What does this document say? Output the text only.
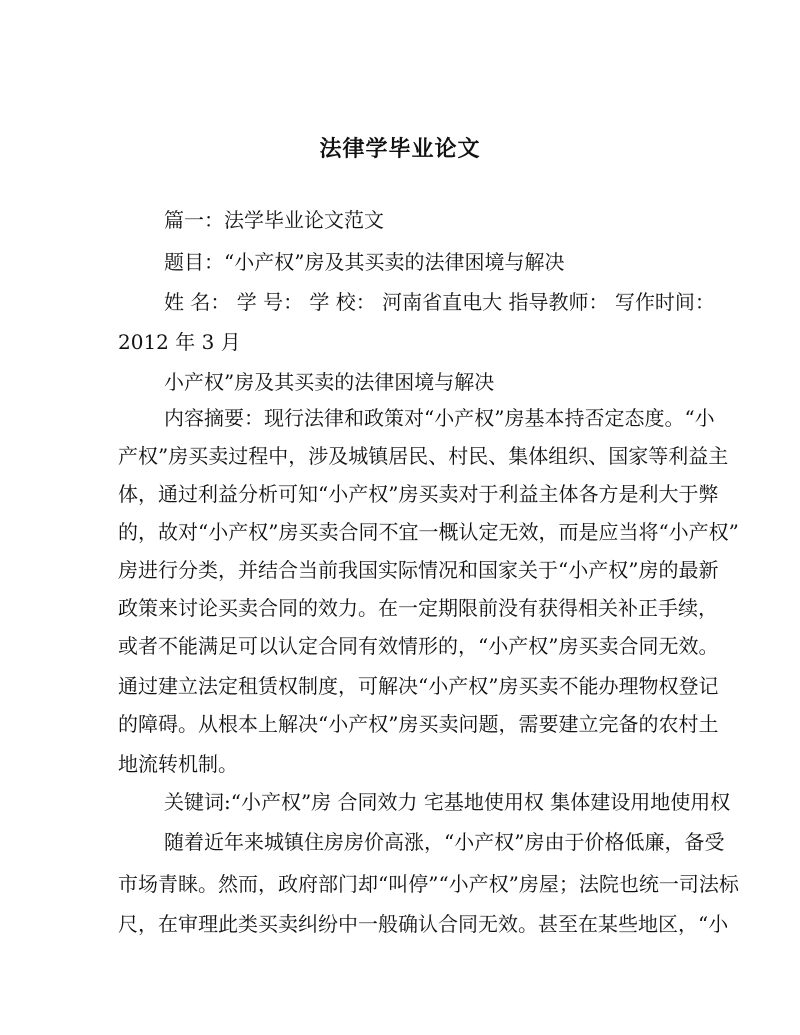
法律学毕业论文
篇一：法学毕业论文范文
题目：“小产权”房及其买卖的法律困境与解决
姓 名： 学 号： 学 校： 河南省直电大 指导教师： 写作时间：
2012 年 3 月
小产权”房及其买卖的法律困境与解决
内容摘要：现行法律和政策对“小产权”房基本持否定态度。“小
产权”房买卖过程中，涉及城镇居民、村民、集体组织、国家等利益主
体，通过利益分析可知“小产权”房买卖对于利益主体各方是利大于弊
的，故对“小产权”房买卖合同不宜一概认定无效，而是应当将“小产权”
房进行分类，并结合当前我国实际情况和国家关于“小产权”房的最新
政策来讨论买卖合同的效力。在一定期限前没有获得相关补正手续，
或者不能满足可以认定合同有效情形的，“小产权”房买卖合同无效。
通过建立法定租赁权制度，可解决“小产权”房买卖不能办理物权登记
的障碍。从根本上解决“小产权”房买卖问题，需要建立完备的农村土
地流转机制。
关键词:“小产权”房 合同效力 宅基地使用权 集体建设用地使用权
随着近年来城镇住房房价高涨，“小产权”房由于价格低廉，备受
市场青睐。然而，政府部门却“叫停”“小产权”房屋；法院也统一司法标
尺，在审理此类买卖纠纷中一般确认合同无效。甚至在某些地区，“小
